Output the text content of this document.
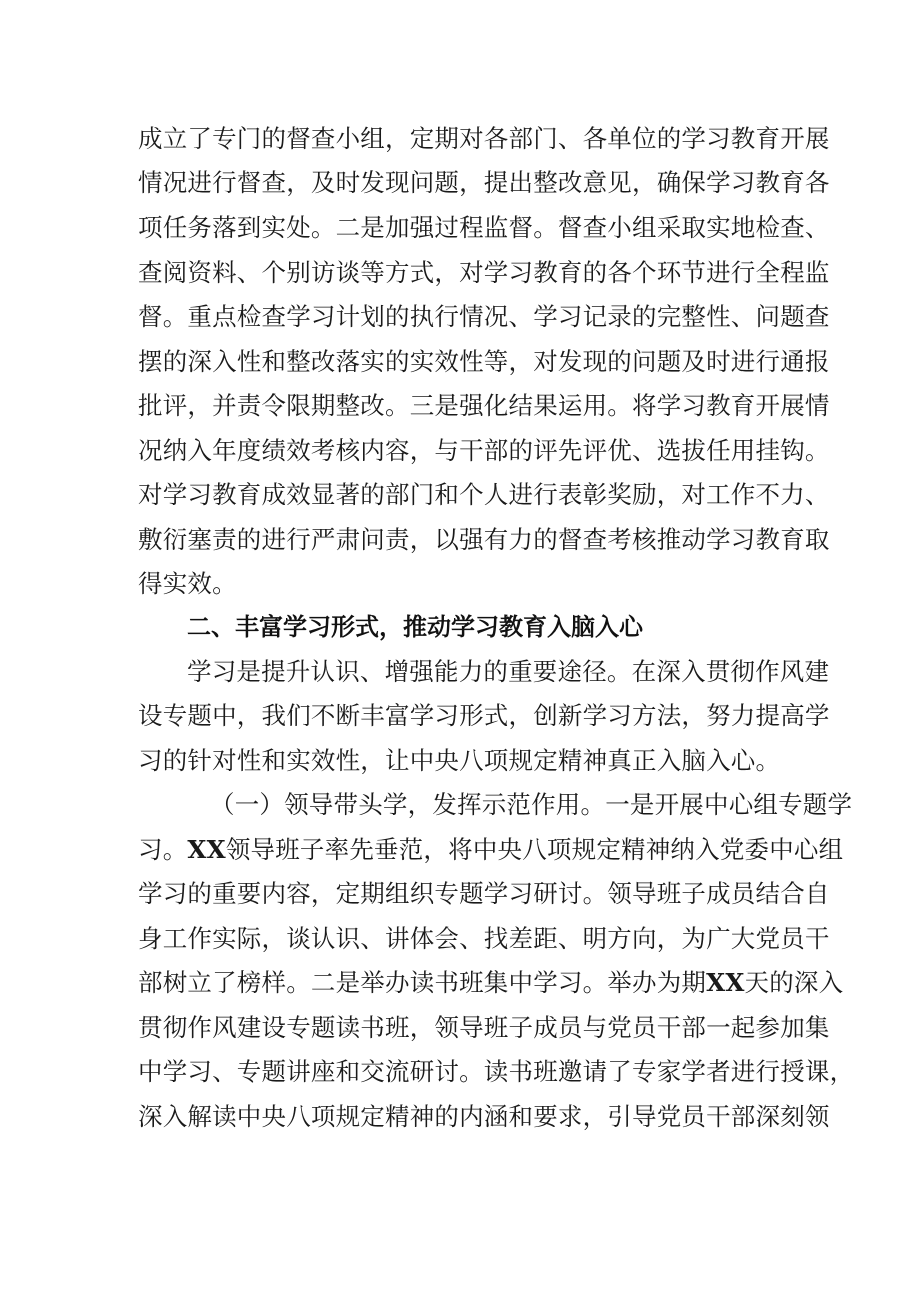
成立了专门的督查小组，定期对各部门、各单位的学习教育开展
情况进行督查，及时发现问题，提出整改意见，确保学习教育各
项任务落到实处。二是加强过程监督。督查小组采取实地检查、
查阅资料、个别访谈等方式，对学习教育的各个环节进行全程监
督。重点检查学习计划的执行情况、学习记录的完整性、问题查
摆的深入性和整改落实的实效性等，对发现的问题及时进行通报
批评，并责令限期整改。三是强化结果运用。将学习教育开展情
况纳入年度绩效考核内容，与干部的评先评优、选拔任用挂钩。
对学习教育成效显著的部门和个人进行表彰奖励，对工作不力、
敷衍塞责的进行严肃问责，以强有力的督查考核推动学习教育取
得实效。
二、丰富学习形式，推动学习教育入脑入心
学习是提升认识、增强能力的重要途径。在深入贯彻作风建
设专题中，我们不断丰富学习形式，创新学习方法，努力提高学
习的针对性和实效性，让中央八项规定精神真正入脑入心。
（一）领导带头学，发挥示范作用。一是开展中心组专题学
习。XX领导班子率先垂范，将中央八项规定精神纳入党委中心组
学习的重要内容，定期组织专题学习研讨。领导班子成员结合自
身工作实际，谈认识、讲体会、找差距、明方向，为广大党员干
部树立了榜样。二是举办读书班集中学习。举办为期XX天的深入
贯彻作风建设专题读书班，领导班子成员与党员干部一起参加集
中学习、专题讲座和交流研讨。读书班邀请了专家学者进行授课，
深入解读中央八项规定精神的内涵和要求，引导党员干部深刻领
